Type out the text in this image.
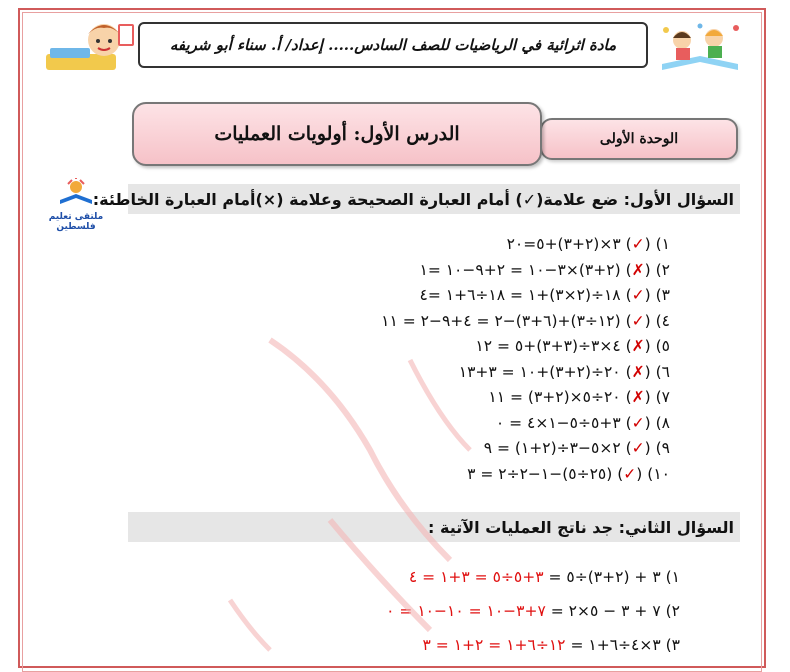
مادة اثرائية في الرياضيات للصف السادس..... إعداد/ أ. سناء أبو شريفه
الوحدة الأولى
الدرس الأول: أولويات العمليات
ملتقى تعليم فلسطين
السؤال الأول: ضع علامة(✓) أمام العبارة الصحيحة وعلامة (×)أمام العبارة الخاطئة:
١) (✓) ٣×(٢+٣)+٥=٢٠
٢) (✗) (٢+٣)×٣−١٠ = ٢+٩−١٠ =١
٣) (✓) ١٨÷(٢×٣)+١ = ١٨÷٦+١ =٤
٤) (✓) (١٢÷٣)+(٦+٣)−٢ = ٤+٩−٢ = ١١
٥) (✗) ٤×٣÷(٣+٣)+٥ = ١٢
٦) (✗) ٢٠÷(٢+٣)+١٠ = ٣+١٣
٧) (✗) ٢٠÷٥×(٢+٣) = ١١
٨) (✓) ٣+٥÷٥−١×٤ = ٠
٩) (✓) ٢×٥−٣÷(٢+١) = ٩
١٠) (✓) (٢٥÷٥)−١−٢÷٢ = ٣
السؤال الثاني: جد ناتج العمليات الآتية :
١) ٣ + (٢+٣)÷٥ = ٣+٥÷٥ = ٣+١ = ٤
٢) ٧ + ٣ − ٥×٢ = ٧+٣−١٠ = ١٠−١٠ = ٠
٣) ٣×٤÷٦+١ = ١٢÷٦+١ = ٢+١ = ٣
